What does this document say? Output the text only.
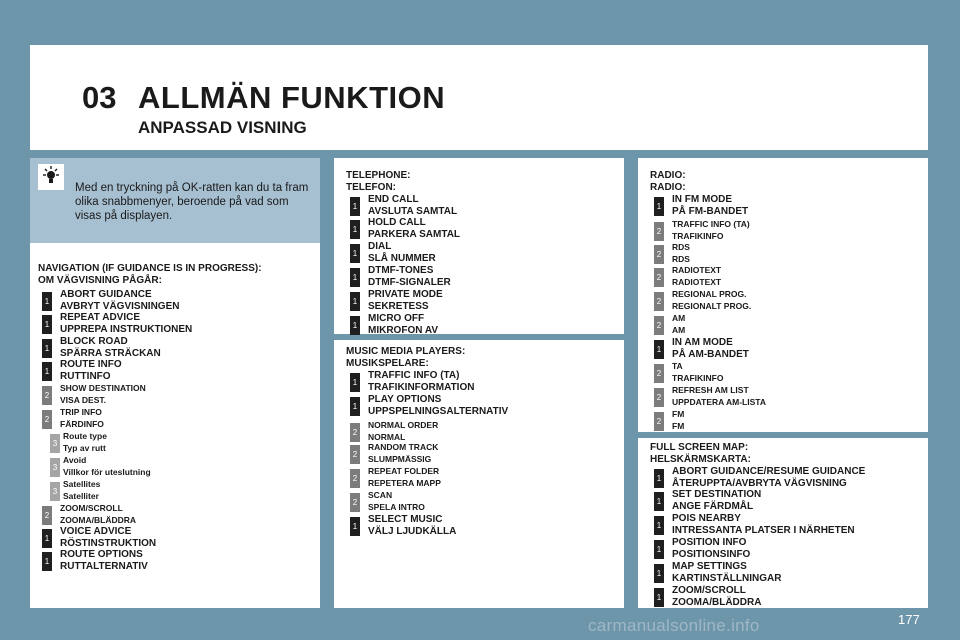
03 ALLMÄN FUNKTION
ANPASSAD VISNING
Med en tryckning på OK-ratten kan du ta fram olika snabbmenyer, beroende på vad som visas på displayen.
NAVIGATION (IF GUIDANCE IS IN PROGRESS):
OM VÄGVISNING PÅGÅR:
1
ABORT GUIDANCE
AVBRYT VÄGVISNINGEN
1
REPEAT ADVICE
UPPREPA INSTRUKTIONEN
1
BLOCK ROAD
SPÄRRA STRÄCKAN
1
ROUTE INFO
RUTTINFO
2
SHOW DESTINATION
VISA DEST.
2
TRIP INFO
FÄRDINFO
3
Route type
Typ av rutt
3
Avoid
Villkor för uteslutning
3
Satellites
Satelliter
2
ZOOM/SCROLL
ZOOMA/BLÄDDRA
1
VOICE ADVICE
RÖSTINSTRUKTION
1
ROUTE OPTIONS
RUTTALTERNATIV
TELEPHONE:
TELEFON:
1
END CALL
AVSLUTA SAMTAL
1
HOLD CALL
PARKERA SAMTAL
1
DIAL
SLÅ NUMMER
1
DTMF-TONES
DTMF-SIGNALER
1
PRIVATE MODE
SEKRETESS
1
MICRO OFF
MIKROFON AV
MUSIC MEDIA PLAYERS:
MUSIKSPELARE:
1
TRAFFIC INFO (TA)
TRAFIKINFORMATION
1
PLAY OPTIONS
UPPSPELNINGSALTERNATIV
2
NORMAL ORDER
NORMAL
2
RANDOM TRACK
SLUMPMÄSSIG
2
REPEAT FOLDER
REPETERA MAPP
2
SCAN
SPELA INTRO
1
SELECT MUSIC
VÄLJ LJUDKÄLLA
RADIO:
RADIO:
1
IN FM MODE
PÅ FM-BANDET
2
TRAFFIC INFO (TA)
TRAFIKINFO
2
RDS
RDS
2
RADIOTEXT
RADIOTEXT
2
REGIONAL PROG.
REGIONALT PROG.
2
AM
AM
1
IN AM MODE
PÅ AM-BANDET
2
TA
TRAFIKINFO
2
REFRESH AM LIST
UPPDATERA AM-LISTA
2
FM
FM
FULL SCREEN MAP:
HELSKÄRMSKARTA:
1
ABORT GUIDANCE/RESUME GUIDANCE
ÅTERUPPTA/AVBRYTA VÄGVISNING
1
SET DESTINATION
ANGE FÄRDMÅL
1
POIS NEARBY
INTRESSANTA PLATSER I NÄRHETEN
1
POSITION INFO
POSITIONSINFO
1
MAP SETTINGS
KARTINSTÄLLNINGAR
1
ZOOM/SCROLL
ZOOMA/BLÄDDRA
carmanualsonline.info	177
